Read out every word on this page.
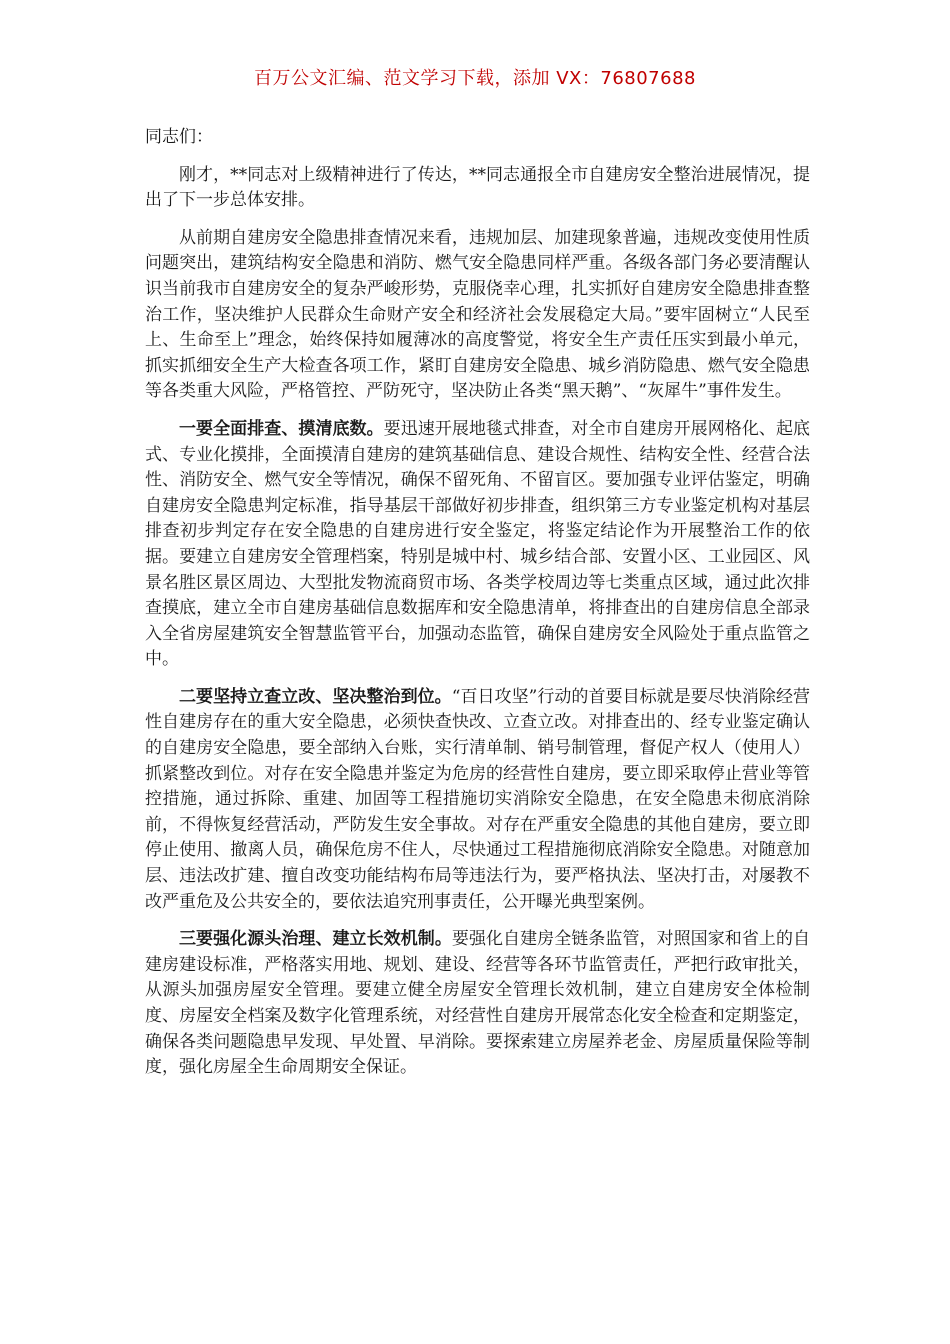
百万公文汇编、范文学习下载，添加 VX：76807688

同志们：

刚才，**同志对上级精神进行了传达，**同志通报全市自建房安全整治进展情况，提出了下一步总体安排。

从前期自建房安全隐患排查情况来看，违规加层、加建现象普遍，违规改变使用性质问题突出，建筑结构安全隐患和消防、燃气安全隐患同样严重。各级各部门务必要清醒认识当前我市自建房安全的复杂严峻形势，克服侥幸心理，扎实抓好自建房安全隐患排查整治工作，坚决维护人民群众生命财产安全和经济社会发展稳定大局。”要牢固树立“人民至上、生命至上”理念，始终保持如履薄冰的高度警觉，将安全生产责任压实到最小单元，抓实抓细安全生产大检查各项工作，紧盯自建房安全隐患、城乡消防隐患、燃气安全隐患等各类重大风险，严格管控、严防死守，坚决防止各类“黑天鹅”、“灰犀牛”事件发生。

一要全面排查、摸清底数。要迅速开展地毯式排查，对全市自建房开展网格化、起底式、专业化摸排，全面摸清自建房的建筑基础信息、建设合规性、结构安全性、经营合法性、消防安全、燃气安全等情况，确保不留死角、不留盲区。要加强专业评估鉴定，明确自建房安全隐患判定标准，指导基层干部做好初步排查，组织第三方专业鉴定机构对基层排查初步判定存在安全隐患的自建房进行安全鉴定，将鉴定结论作为开展整治工作的依据。要建立自建房安全管理档案，特别是城中村、城乡结合部、安置小区、工业园区、风景名胜区景区周边、大型批发物流商贸市场、各类学校周边等七类重点区域，通过此次排查摸底，建立全市自建房基础信息数据库和安全隐患清单，将排查出的自建房信息全部录入全省房屋建筑安全智慧监管平台，加强动态监管，确保自建房安全风险处于重点监管之中。

二要坚持立查立改、坚决整治到位。“百日攻坚”行动的首要目标就是要尽快消除经营性自建房存在的重大安全隐患，必须快查快改、立查立改。对排查出的、经专业鉴定确认的自建房安全隐患，要全部纳入台账，实行清单制、销号制管理，督促产权人（使用人）抓紧整改到位。对存在安全隐患并鉴定为危房的经营性自建房，要立即采取停止营业等管控措施，通过拆除、重建、加固等工程措施切实消除安全隐患，在安全隐患未彻底消除前，不得恢复经营活动，严防发生安全事故。对存在严重安全隐患的其他自建房，要立即停止使用、撤离人员，确保危房不住人，尽快通过工程措施彻底消除安全隐患。对随意加层、违法改扩建、擅自改变功能结构布局等违法行为，要严格执法、坚决打击，对屡教不改严重危及公共安全的，要依法追究刑事责任，公开曝光典型案例。

三要强化源头治理、建立长效机制。要强化自建房全链条监管，对照国家和省上的自建房建设标准，严格落实用地、规划、建设、经营等各环节监管责任，严把行政审批关，从源头加强房屋安全管理。要建立健全房屋安全管理长效机制，建立自建房安全体检制度、房屋安全档案及数字化管理系统，对经营性自建房开展常态化安全检查和定期鉴定，确保各类问题隐患早发现、早处置、早消除。要探索建立房屋养老金、房屋质量保险等制度，强化房屋全生命周期安全保证。
